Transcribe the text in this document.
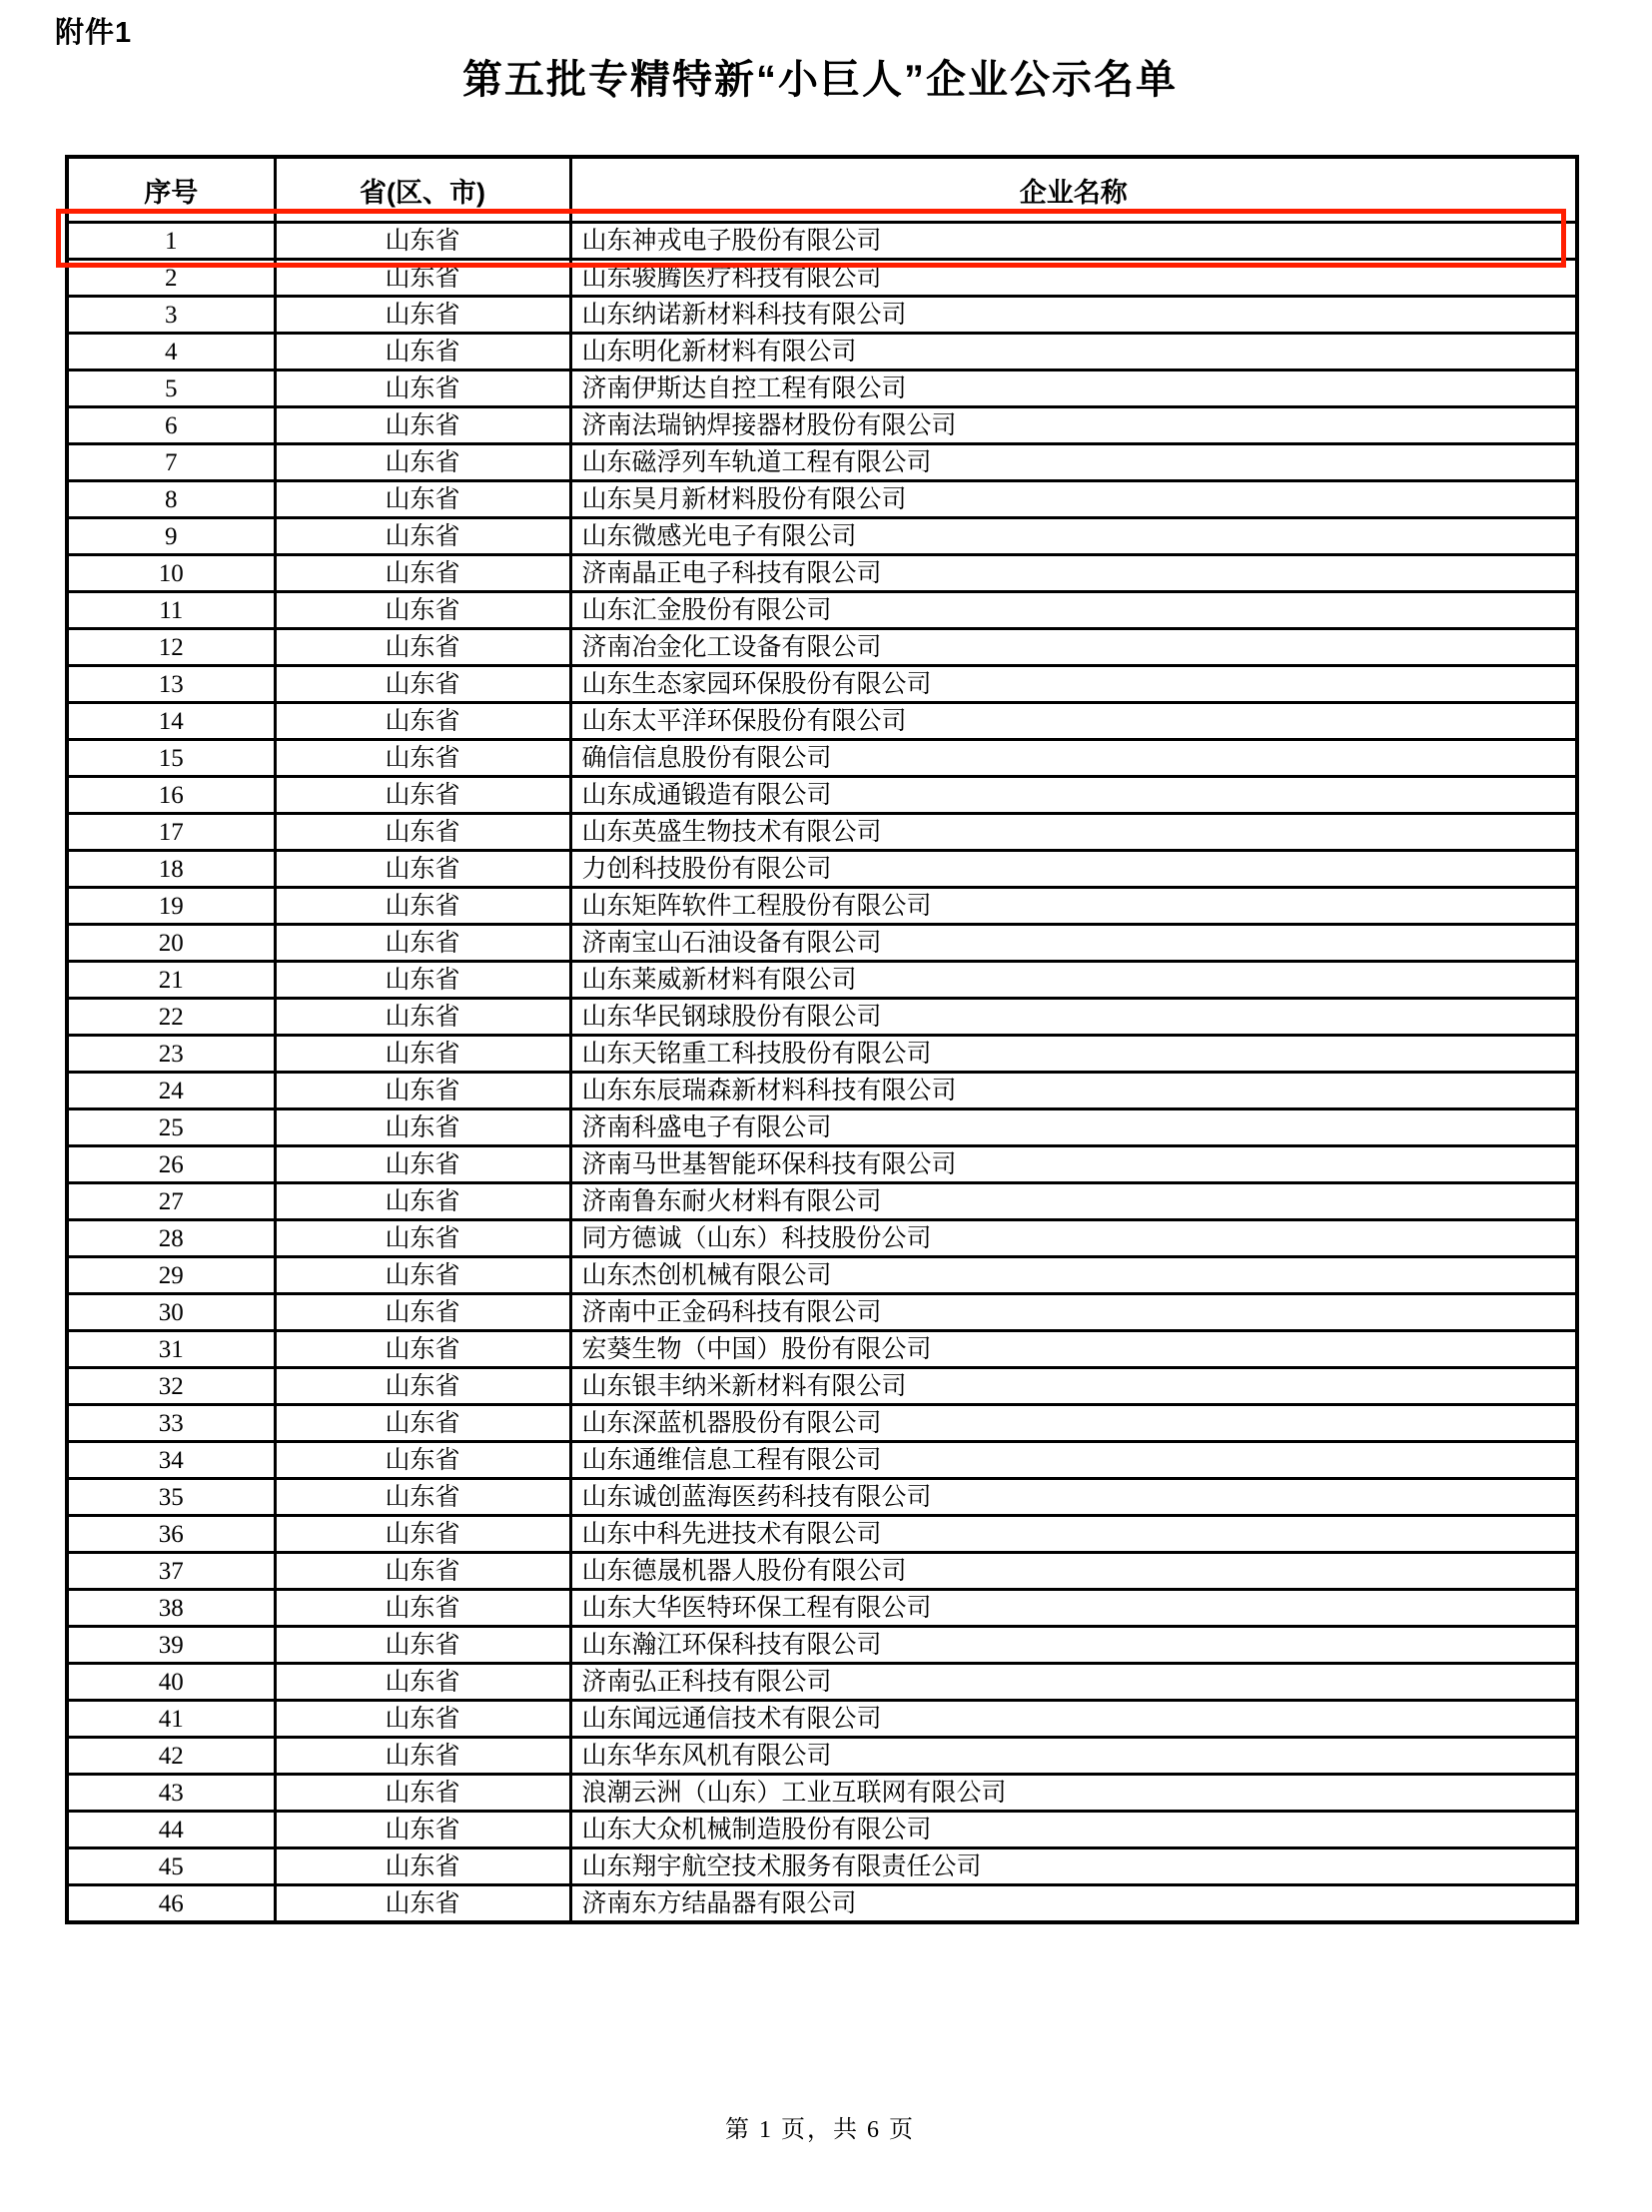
附件1
第五批专精特新“小巨人”企业公示名单
序号	省(区、市)	企业名称
1	山东省	山东神戎电子股份有限公司
2	山东省	山东骏腾医疗科技有限公司
3	山东省	山东纳诺新材料科技有限公司
4	山东省	山东明化新材料有限公司
5	山东省	济南伊斯达自控工程有限公司
6	山东省	济南法瑞钠焊接器材股份有限公司
7	山东省	山东磁浮列车轨道工程有限公司
8	山东省	山东昊月新材料股份有限公司
9	山东省	山东微感光电子有限公司
10	山东省	济南晶正电子科技有限公司
11	山东省	山东汇金股份有限公司
12	山东省	济南冶金化工设备有限公司
13	山东省	山东生态家园环保股份有限公司
14	山东省	山东太平洋环保股份有限公司
15	山东省	确信信息股份有限公司
16	山东省	山东成通锻造有限公司
17	山东省	山东英盛生物技术有限公司
18	山东省	力创科技股份有限公司
19	山东省	山东矩阵软件工程股份有限公司
20	山东省	济南宝山石油设备有限公司
21	山东省	山东莱威新材料有限公司
22	山东省	山东华民钢球股份有限公司
23	山东省	山东天铭重工科技股份有限公司
24	山东省	山东东辰瑞森新材料科技有限公司
25	山东省	济南科盛电子有限公司
26	山东省	济南马世基智能环保科技有限公司
27	山东省	济南鲁东耐火材料有限公司
28	山东省	同方德诚（山东）科技股份公司
29	山东省	山东杰创机械有限公司
30	山东省	济南中正金码科技有限公司
31	山东省	宏葵生物（中国）股份有限公司
32	山东省	山东银丰纳米新材料有限公司
33	山东省	山东深蓝机器股份有限公司
34	山东省	山东通维信息工程有限公司
35	山东省	山东诚创蓝海医药科技有限公司
36	山东省	山东中科先进技术有限公司
37	山东省	山东德晟机器人股份有限公司
38	山东省	山东大华医特环保工程有限公司
39	山东省	山东瀚江环保科技有限公司
40	山东省	济南弘正科技有限公司
41	山东省	山东闻远通信技术有限公司
42	山东省	山东华东风机有限公司
43	山东省	浪潮云洲（山东）工业互联网有限公司
44	山东省	山东大众机械制造股份有限公司
45	山东省	山东翔宇航空技术服务有限责任公司
46	山东省	济南东方结晶器有限公司
第 1 页，共 6 页
